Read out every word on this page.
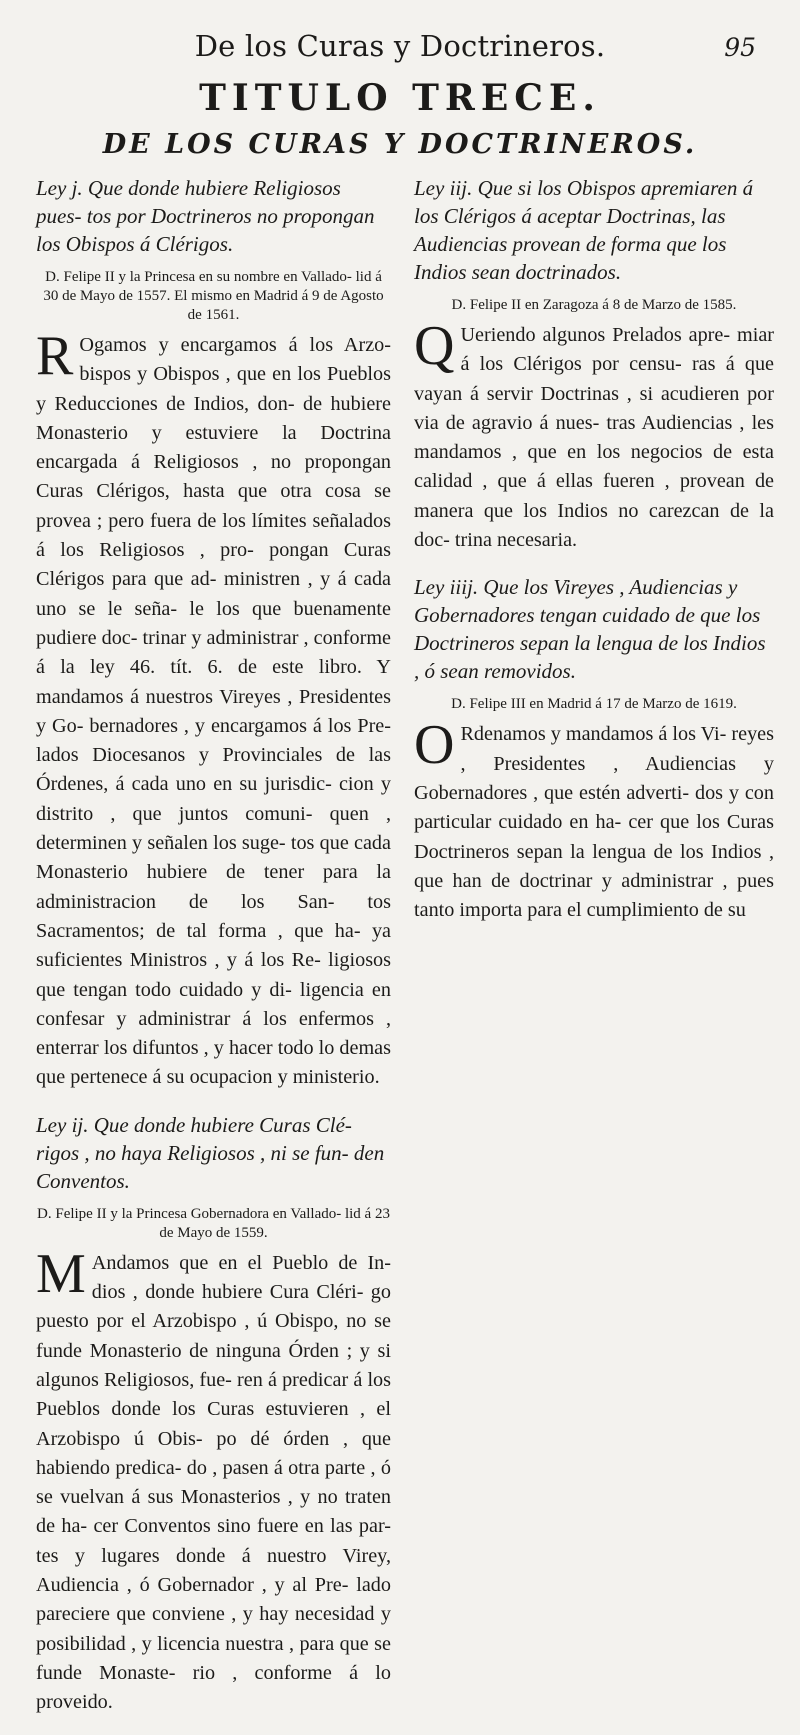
De los Curas y Doctrineros.	95
TITULO TRECE.
DE LOS CURAS Y DOCTRINEROS.
Ley j. Que donde hubiere Religiosos pues- tos por Doctrineros no propongan los Obispos á Clérigos.
D. Felipe II y la Princesa en su nombre en Vallado- lid á 30 de Mayo de 1557. El mismo en Madrid á 9 de Agosto de 1561.
R Ogamos y encargamos á los Arzo- bispos y Obispos , que en los Pueblos y Reducciones de Indios, don- de hubiere Monasterio y estuviere la Doctrina encargada á Religiosos , no propongan Curas Clérigos, hasta que otra cosa se provea ; pero fuera de los límites señalados á los Religiosos , pro- pongan Curas Clérigos para que ad- ministren , y á cada uno se le seña- le los que buenamente pudiere doc- trinar y administrar , conforme á la ley 46. tít. 6. de este libro. Y mandamos á nuestros Vireyes , Presidentes y Go- bernadores , y encargamos á los Pre- lados Diocesanos y Provinciales de las Órdenes, á cada uno en su jurisdic- cion y distrito , que juntos comuni- quen , determinen y señalen los suge- tos que cada Monasterio hubiere de tener para la administracion de los San- tos Sacramentos; de tal forma , que ha- ya suficientes Ministros , y á los Re- ligiosos que tengan todo cuidado y di- ligencia en confesar y administrar á los enfermos , enterrar los difuntos , y hacer todo lo demas que pertenece á su ocupacion y ministerio.
Ley ij. Que donde hubiere Curas Clé- rigos , no haya Religiosos , ni se fun- den Conventos.
D. Felipe II y la Princesa Gobernadora en Vallado- lid á 23 de Mayo de 1559.
M Andamos que en el Pueblo de In- dios , donde hubiere Cura Cléri- go puesto por el Arzobispo , ú Obispo, no se funde Monasterio de ninguna Órden ; y si algunos Religiosos, fue- ren á predicar á los Pueblos donde los Curas estuvieren , el Arzobispo ú Obis- po dé órden , que habiendo predica- do , pasen á otra parte , ó se vuelvan á sus Monasterios , y no traten de ha- cer Conventos sino fuere en las par- tes y lugares donde á nuestro Virey, Audiencia , ó Gobernador , y al Pre- lado pareciere que conviene , y hay necesidad y posibilidad , y licencia nuestra , para que se funde Monaste- rio , conforme á lo proveido.
Ley iij. Que si los Obispos apremiaren á los Clérigos á aceptar Doctrinas, las Audiencias provean de forma que los Indios sean doctrinados.
D. Felipe II en Zaragoza á 8 de Marzo de 1585.
Q Ueriendo algunos Prelados apre- miar á los Clérigos por censu- ras á que vayan á servir Doctrinas , si acudieren por via de agravio á nues- tras Audiencias , les mandamos , que en los negocios de esta calidad , que á ellas fueren , provean de manera que los Indios no carezcan de la doc- trina necesaria.
Ley iiij. Que los Vireyes , Audiencias y Gobernadores tengan cuidado de que los Doctrineros sepan la lengua de los Indios , ó sean removidos.
D. Felipe III en Madrid á 17 de Marzo de 1619.
O Rdenamos y mandamos á los Vi- reyes , Presidentes , Audiencias y Gobernadores , que estén adverti- dos y con particular cuidado en ha- cer que los Curas Doctrineros sepan la lengua de los Indios , que han de doctrinar y administrar , pues tanto importa para el cumplimiento de su
